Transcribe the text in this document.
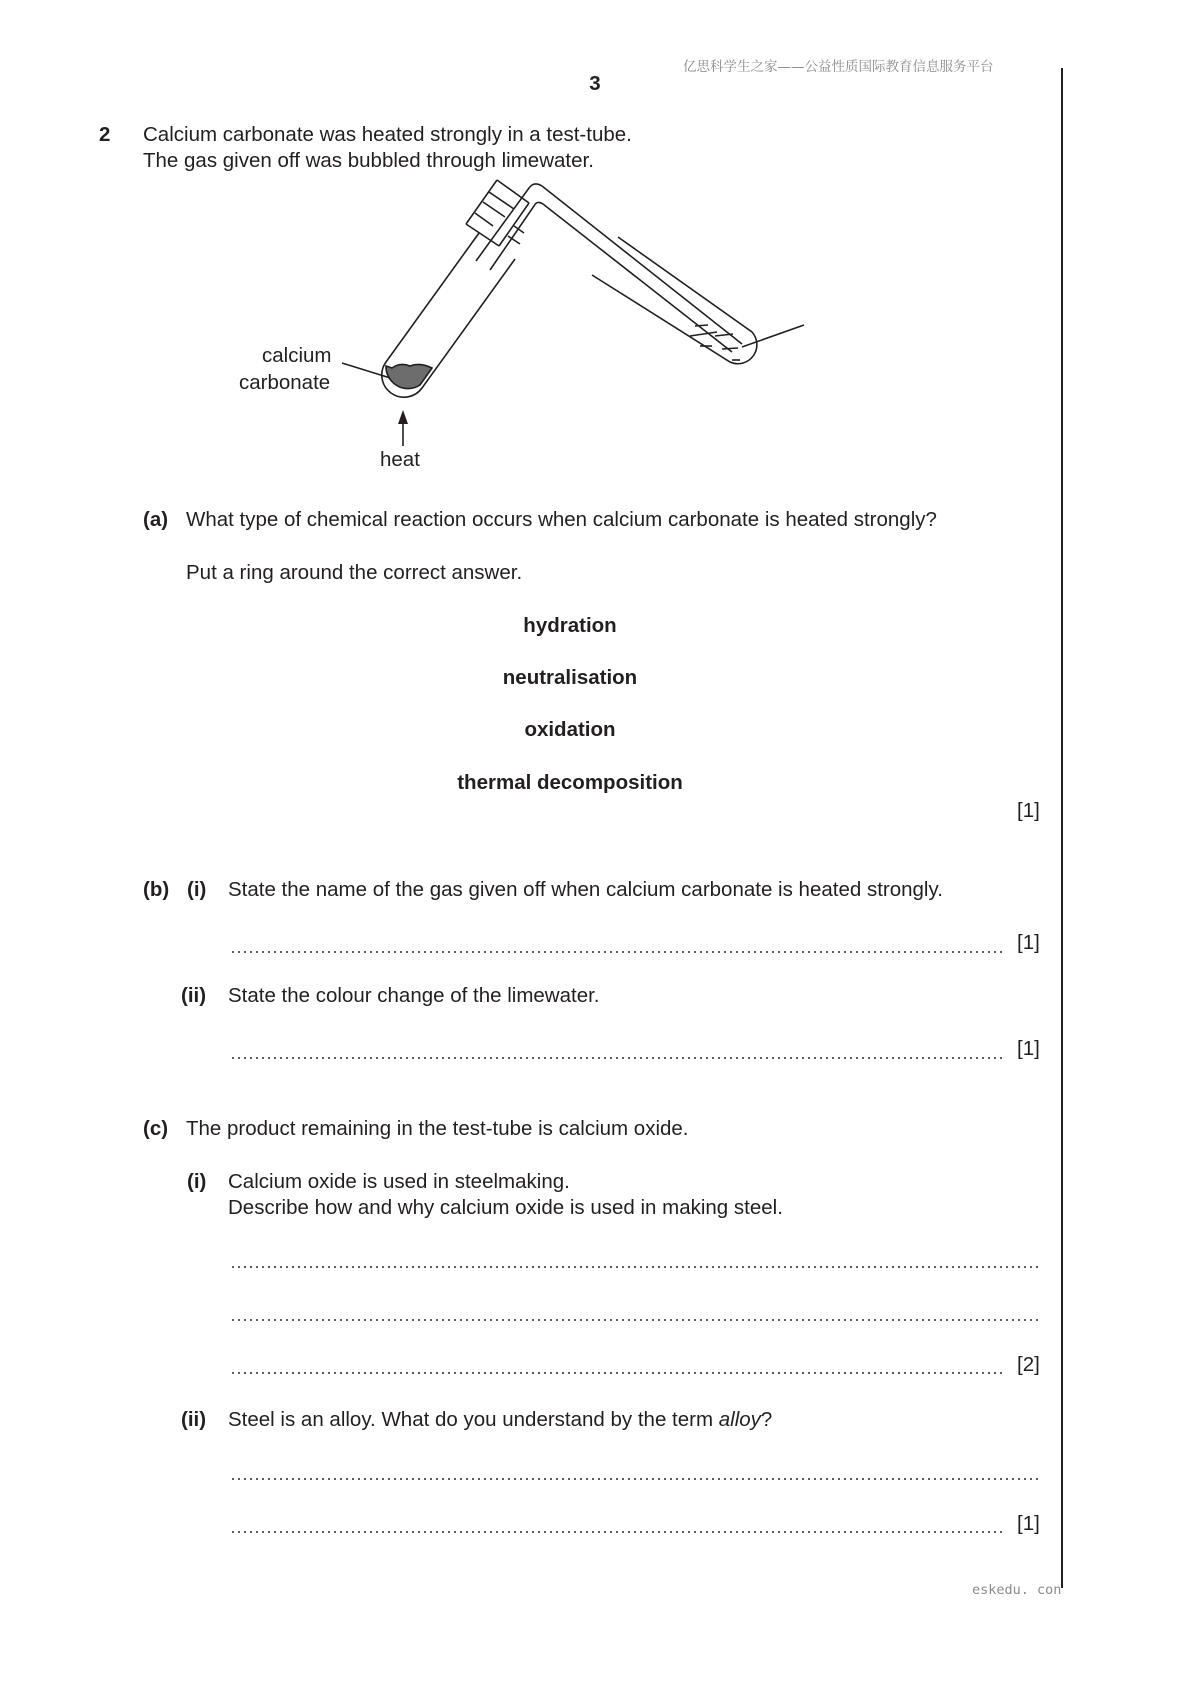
亿思科学生之家——公益性质国际教育信息服务平台
3
2 Calcium carbonate was heated strongly in a test-tube.
The gas given off was bubbled through limewater.
calcium
carbonate
heat
(a) What type of chemical reaction occurs when calcium carbonate is heated strongly?
Put a ring around the correct answer.
hydration
neutralisation
oxidation
thermal decomposition
[1]
(b) (i) State the name of the gas given off when calcium carbonate is heated strongly.
[1]
(ii) State the colour change of the limewater.
[1]
(c) The product remaining in the test-tube is calcium oxide.
(i) Calcium oxide is used in steelmaking.
Describe how and why calcium oxide is used in making steel.
[2]
(ii) Steel is an alloy. What do you understand by the term alloy?
[1]
eskedu. con
